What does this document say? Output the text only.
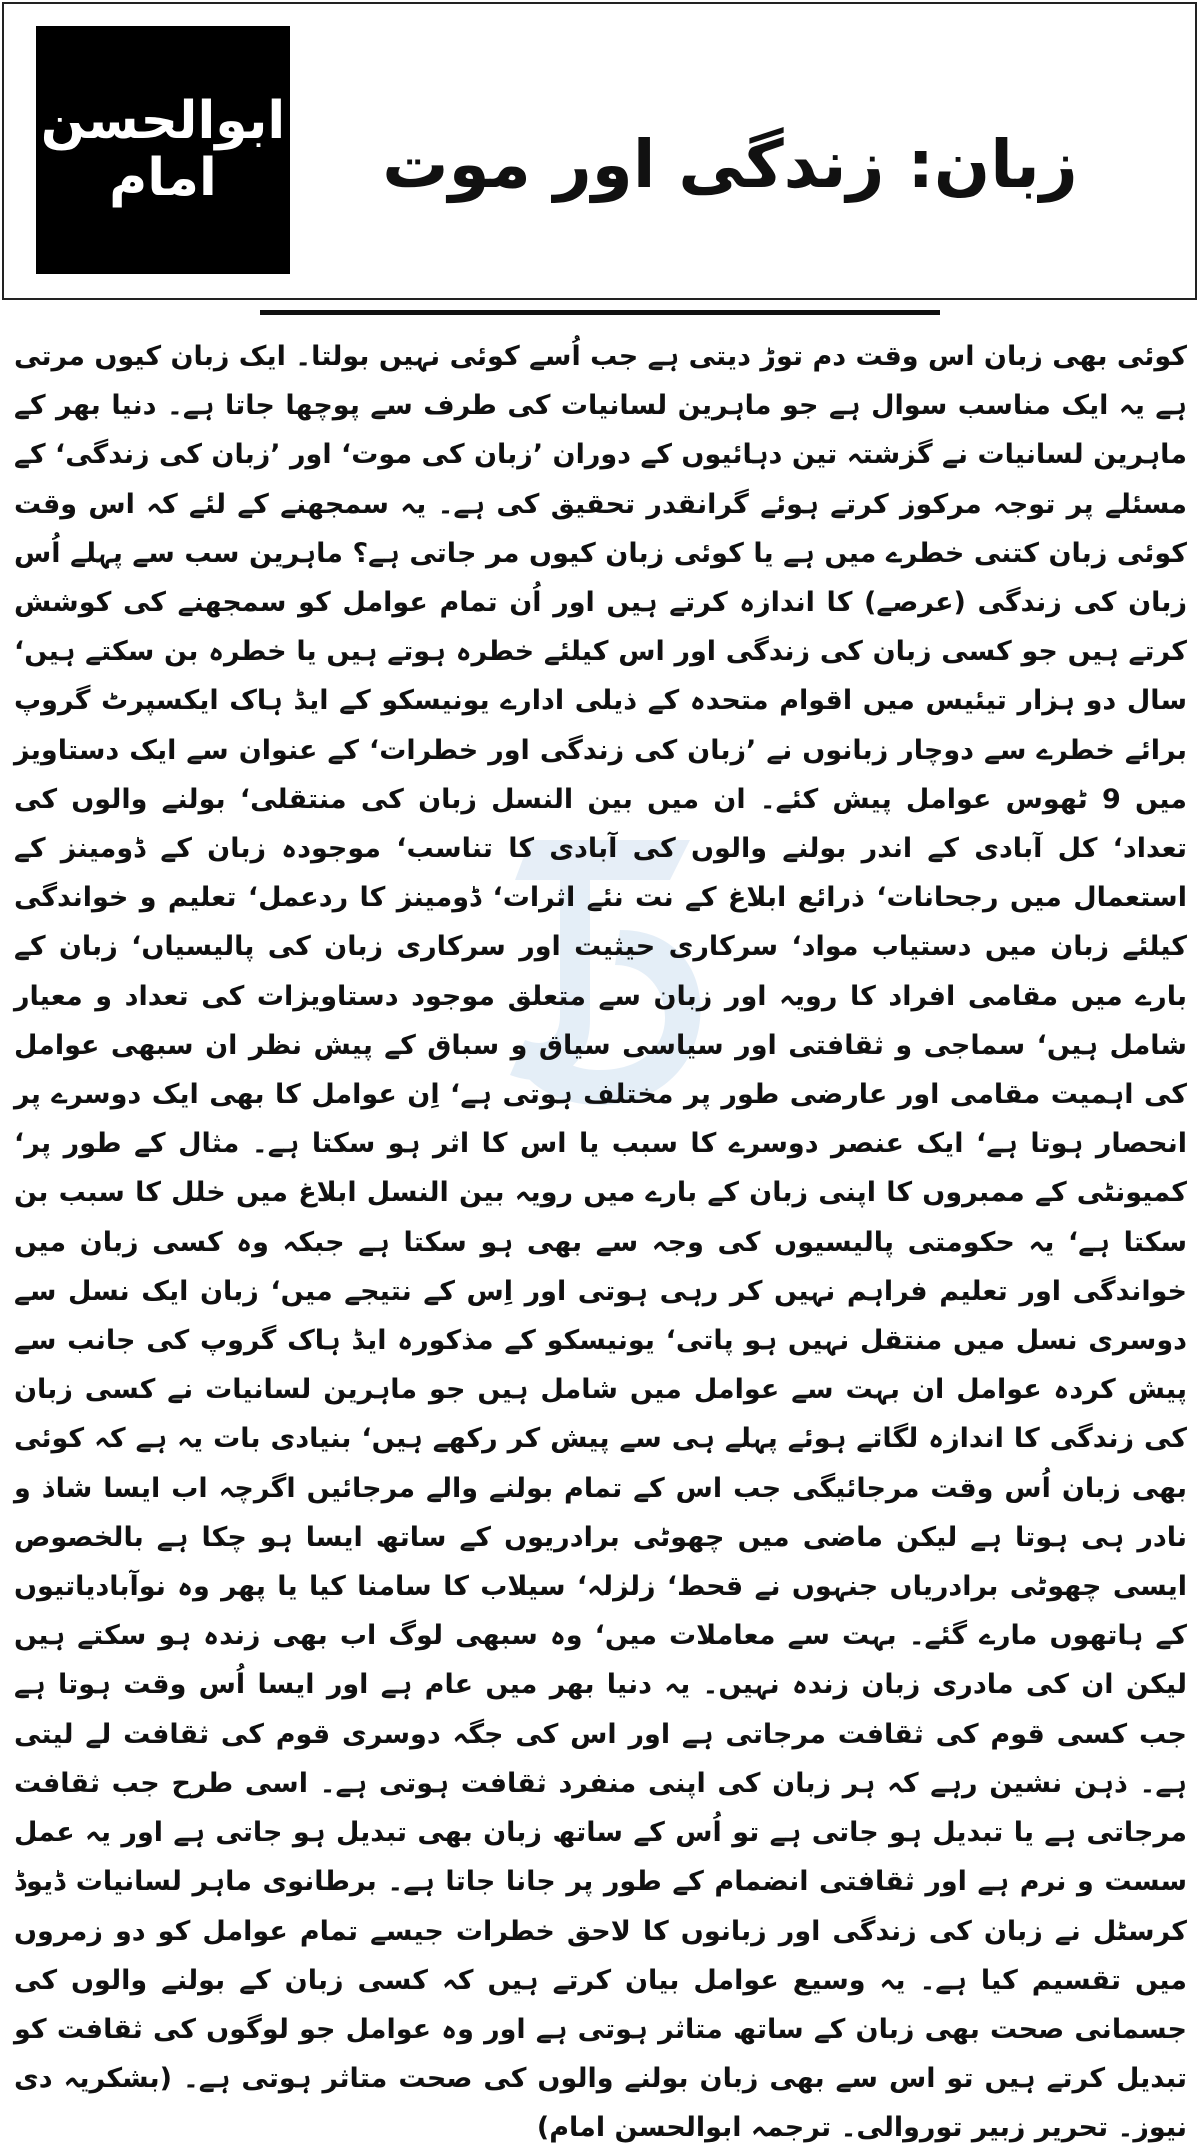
ابوالحسن امام	زبان: زندگی اور موت
کوئی بھی زبان اس وقت دم توڑ دیتی ہے جب اُسے کوئی نہیں بولتا۔ ایک زبان کیوں مرتی ہے یہ ایک مناسب سوال ہے جو ماہرین لسانیات کی طرف سے پوچھا جاتا ہے۔ دنیا بھر کے ماہرین لسانیات نے گزشتہ تین دہائیوں کے دوران ’زبان کی موت‘ اور ’زبان کی زندگی‘ کے مسئلے پر توجہ مرکوز کرتے ہوئے گرانقدر تحقیق کی ہے۔ یہ سمجھنے کے لئے کہ اس وقت کوئی زبان کتنی خطرے میں ہے یا کوئی زبان کیوں مر جاتی ہے؟ ماہرین سب سے پہلے اُس زبان کی زندگی (عرصے) کا اندازہ کرتے ہیں اور اُن تمام عوامل کو سمجھنے کی کوشش کرتے ہیں جو کسی زبان کی زندگی اور اس کیلئے خطرہ ہوتے ہیں یا خطرہ بن سکتے ہیں‘ سال دو ہزار تیئیس میں اقوام متحدہ کے ذیلی ادارے یونیسکو کے ایڈ ہاک ایکسپرٹ گروپ برائے خطرے سے دوچار زبانوں نے ’زبان کی زندگی اور خطرات‘ کے عنوان سے ایک دستاویز میں 9 ٹھوس عوامل پیش کئے۔ ان میں بین النسل زبان کی منتقلی‘ بولنے والوں کی تعداد‘ کل آبادی کے اندر بولنے والوں کی آبادی کا تناسب‘ موجودہ زبان کے ڈومینز کے استعمال میں رجحانات‘ ذرائع ابلاغ کے نت نئے اثرات‘ ڈومینز کا ردعمل‘ تعلیم و خواندگی کیلئے زبان میں دستیاب مواد‘ سرکاری حیثیت اور سرکاری زبان کی پالیسیاں‘ زبان کے بارے میں مقامی افراد کا رویہ اور زبان سے متعلق موجود دستاویزات کی تعداد و معیار شامل ہیں‘ سماجی و ثقافتی اور سیاسی سیاق و سباق کے پیش نظر ان سبھی عوامل کی اہمیت مقامی اور عارضی طور پر مختلف ہوتی ہے‘ اِن عوامل کا بھی ایک دوسرے پر انحصار ہوتا ہے‘ ایک عنصر دوسرے کا سبب یا اس کا اثر ہو سکتا ہے۔ مثال کے طور پر‘ کمیونٹی کے ممبروں کا اپنی زبان کے بارے میں رویہ بین النسل ابلاغ میں خلل کا سبب بن سکتا ہے‘ یہ حکومتی پالیسیوں کی وجہ سے بھی ہو سکتا ہے جبکہ وہ کسی زبان میں خواندگی اور تعلیم فراہم نہیں کر رہی ہوتی اور اِس کے نتیجے میں‘ زبان ایک نسل سے دوسری نسل میں منتقل نہیں ہو پاتی‘ یونیسکو کے مذکورہ ایڈ ہاک گروپ کی جانب سے پیش کردہ عوامل ان بہت سے عوامل میں شامل ہیں جو ماہرین لسانیات نے کسی زبان کی زندگی کا اندازہ لگاتے ہوئے پہلے ہی سے پیش کر رکھے ہیں‘ بنیادی بات یہ ہے کہ کوئی بھی زبان اُس وقت مرجائیگی جب اس کے تمام بولنے والے مرجائیں اگرچہ اب ایسا شاذ و نادر ہی ہوتا ہے لیکن ماضی میں چھوٹی برادریوں کے ساتھ ایسا ہو چکا ہے بالخصوص ایسی چھوٹی برادریاں جنہوں نے قحط‘ زلزلہ‘ سیلاب کا سامنا کیا یا پھر وہ نوآبادیاتیوں کے ہاتھوں مارے گئے۔ بہت سے معاملات میں‘ وہ سبھی لوگ اب بھی زندہ ہو سکتے ہیں لیکن ان کی مادری زبان زندہ نہیں۔ یہ دنیا بھر میں عام ہے اور ایسا اُس وقت ہوتا ہے جب کسی قوم کی ثقافت مرجاتی ہے اور اس کی جگہ دوسری قوم کی ثقافت لے لیتی ہے۔ ذہن نشین رہے کہ ہر زبان کی اپنی منفرد ثقافت ہوتی ہے۔ اسی طرح جب ثقافت مرجاتی ہے یا تبدیل ہو جاتی ہے تو اُس کے ساتھ زبان بھی تبدیل ہو جاتی ہے اور یہ عمل سست و نرم ہے اور ثقافتی انضمام کے طور پر جانا جاتا ہے۔ برطانوی ماہر لسانیات ڈیوڈ کرسٹل نے زبان کی زندگی اور زبانوں کا لاحق خطرات جیسے تمام عوامل کو دو زمروں میں تقسیم کیا ہے۔ یہ وسیع عوامل بیان کرتے ہیں کہ کسی زبان کے بولنے والوں کی جسمانی صحت بھی زبان کے ساتھ متاثر ہوتی ہے اور وہ عوامل جو لوگوں کی ثقافت کو تبدیل کرتے ہیں تو اس سے بھی زبان بولنے والوں کی صحت متاثر ہوتی ہے۔ (بشکریہ دی نیوز۔ تحریر زبیر توروالی۔ ترجمہ ابوالحسن امام)
